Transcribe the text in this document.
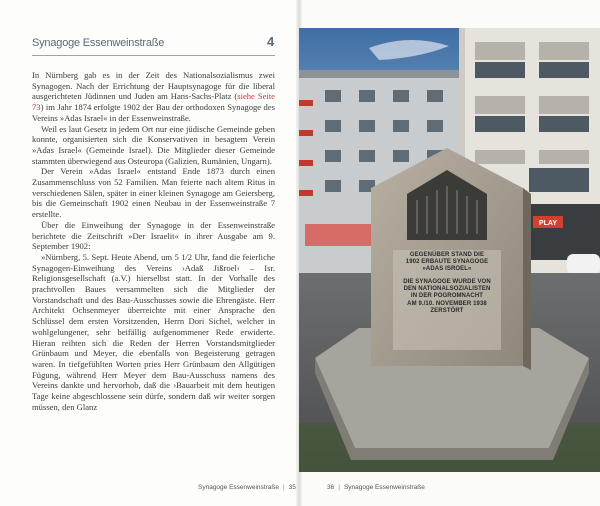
Synagoge Essenweinstraße	4

In Nürnberg gab es in der Zeit des Nationalsozialismus zwei Synagogen. Nach der Errichtung der Hauptsynagoge für die liberal ausgerichteten Jüdinnen und Juden am Hans-Sachs-Platz (siehe Seite 73) im Jahr 1874 erfolgte 1902 der Bau der orthodoxen Synagoge des Vereins »Adas Israel« in der Essenweinstraße.

Weil es laut Gesetz in jedem Ort nur eine jüdische Gemeinde geben konnte, organisierten sich die Konservativen in besagtem Verein »Adas Israel« (Gemeinde Israel). Die Mitglieder dieser Gemeinde stammten überwiegend aus Osteuropa (Galizien, Rumänien, Ungarn).

Der Verein »Adas Israel« entstand Ende 1873 durch einen Zusammenschluss von 52 Familien. Man feierte nach altem Ritus in verschiedenen Sälen, später in einer kleinen Synagoge am Geiersberg, bis die Gemeinschaft 1902 einen Neubau in der Essenweinstraße 7 erstellte.

Über die Einweihung der Synagoge in der Essenweinstraße berichtete die Zeitschrift »Der Israelit« in ihrer Ausgabe am 9. September 1902:

»Nürnberg, 5. Sept. Heute Abend, um 5 1/2 Uhr, fand die feierliche Synagogen-Einweihung des Vereins ›Adaß Jißroel‹ – Isr. Religionsgesellschaft (a.V.) hierselbst statt. In der Vorhalle des prachtvollen Baues versammelten sich die Mitglieder der Vorstandschaft und des Bau-Ausschusses sowie die Ehrengäste. Herr Architekt Ochsenmeyer überreichte mit einer Ansprache den Schlüssel dem ersten Vorsitzenden, Herrn Dori Sichel, welcher in wohlgelungener, sehr beifällig aufgenommener Rede erwiderte. Hieran reihten sich die Reden der Herren Vorstandsmitglieder Grünbaum und Meyer, die ebenfalls von Begeisterung getragen waren. In tiefgefühlten Worten pries Herr Grünbaum den Allgütigen Fügung, während Herr Meyer dem Bau-Ausschuss namens des Vereins dankte und hervorhob, daß die ›Bauarbeit mit dem heutigen Tage keine abgeschlossene sein dürfe, sondern daß wir weiter sorgen müssen, den Glanz

Synagoge Essenweinstraße | 35	36 | Synagoge Essenweinstraße
PLAY
GEGENÜBER STAND DIE
1902 ERBAUTE SYNAGOGE
»ADAS ISROEL«
DIE SYNAGOGE WURDE VON
DEN NATIONALSOZIALISTEN
IN DER POGROMNACHT
AM 9./10. NOVEMBER 1938
ZERSTÖRT
